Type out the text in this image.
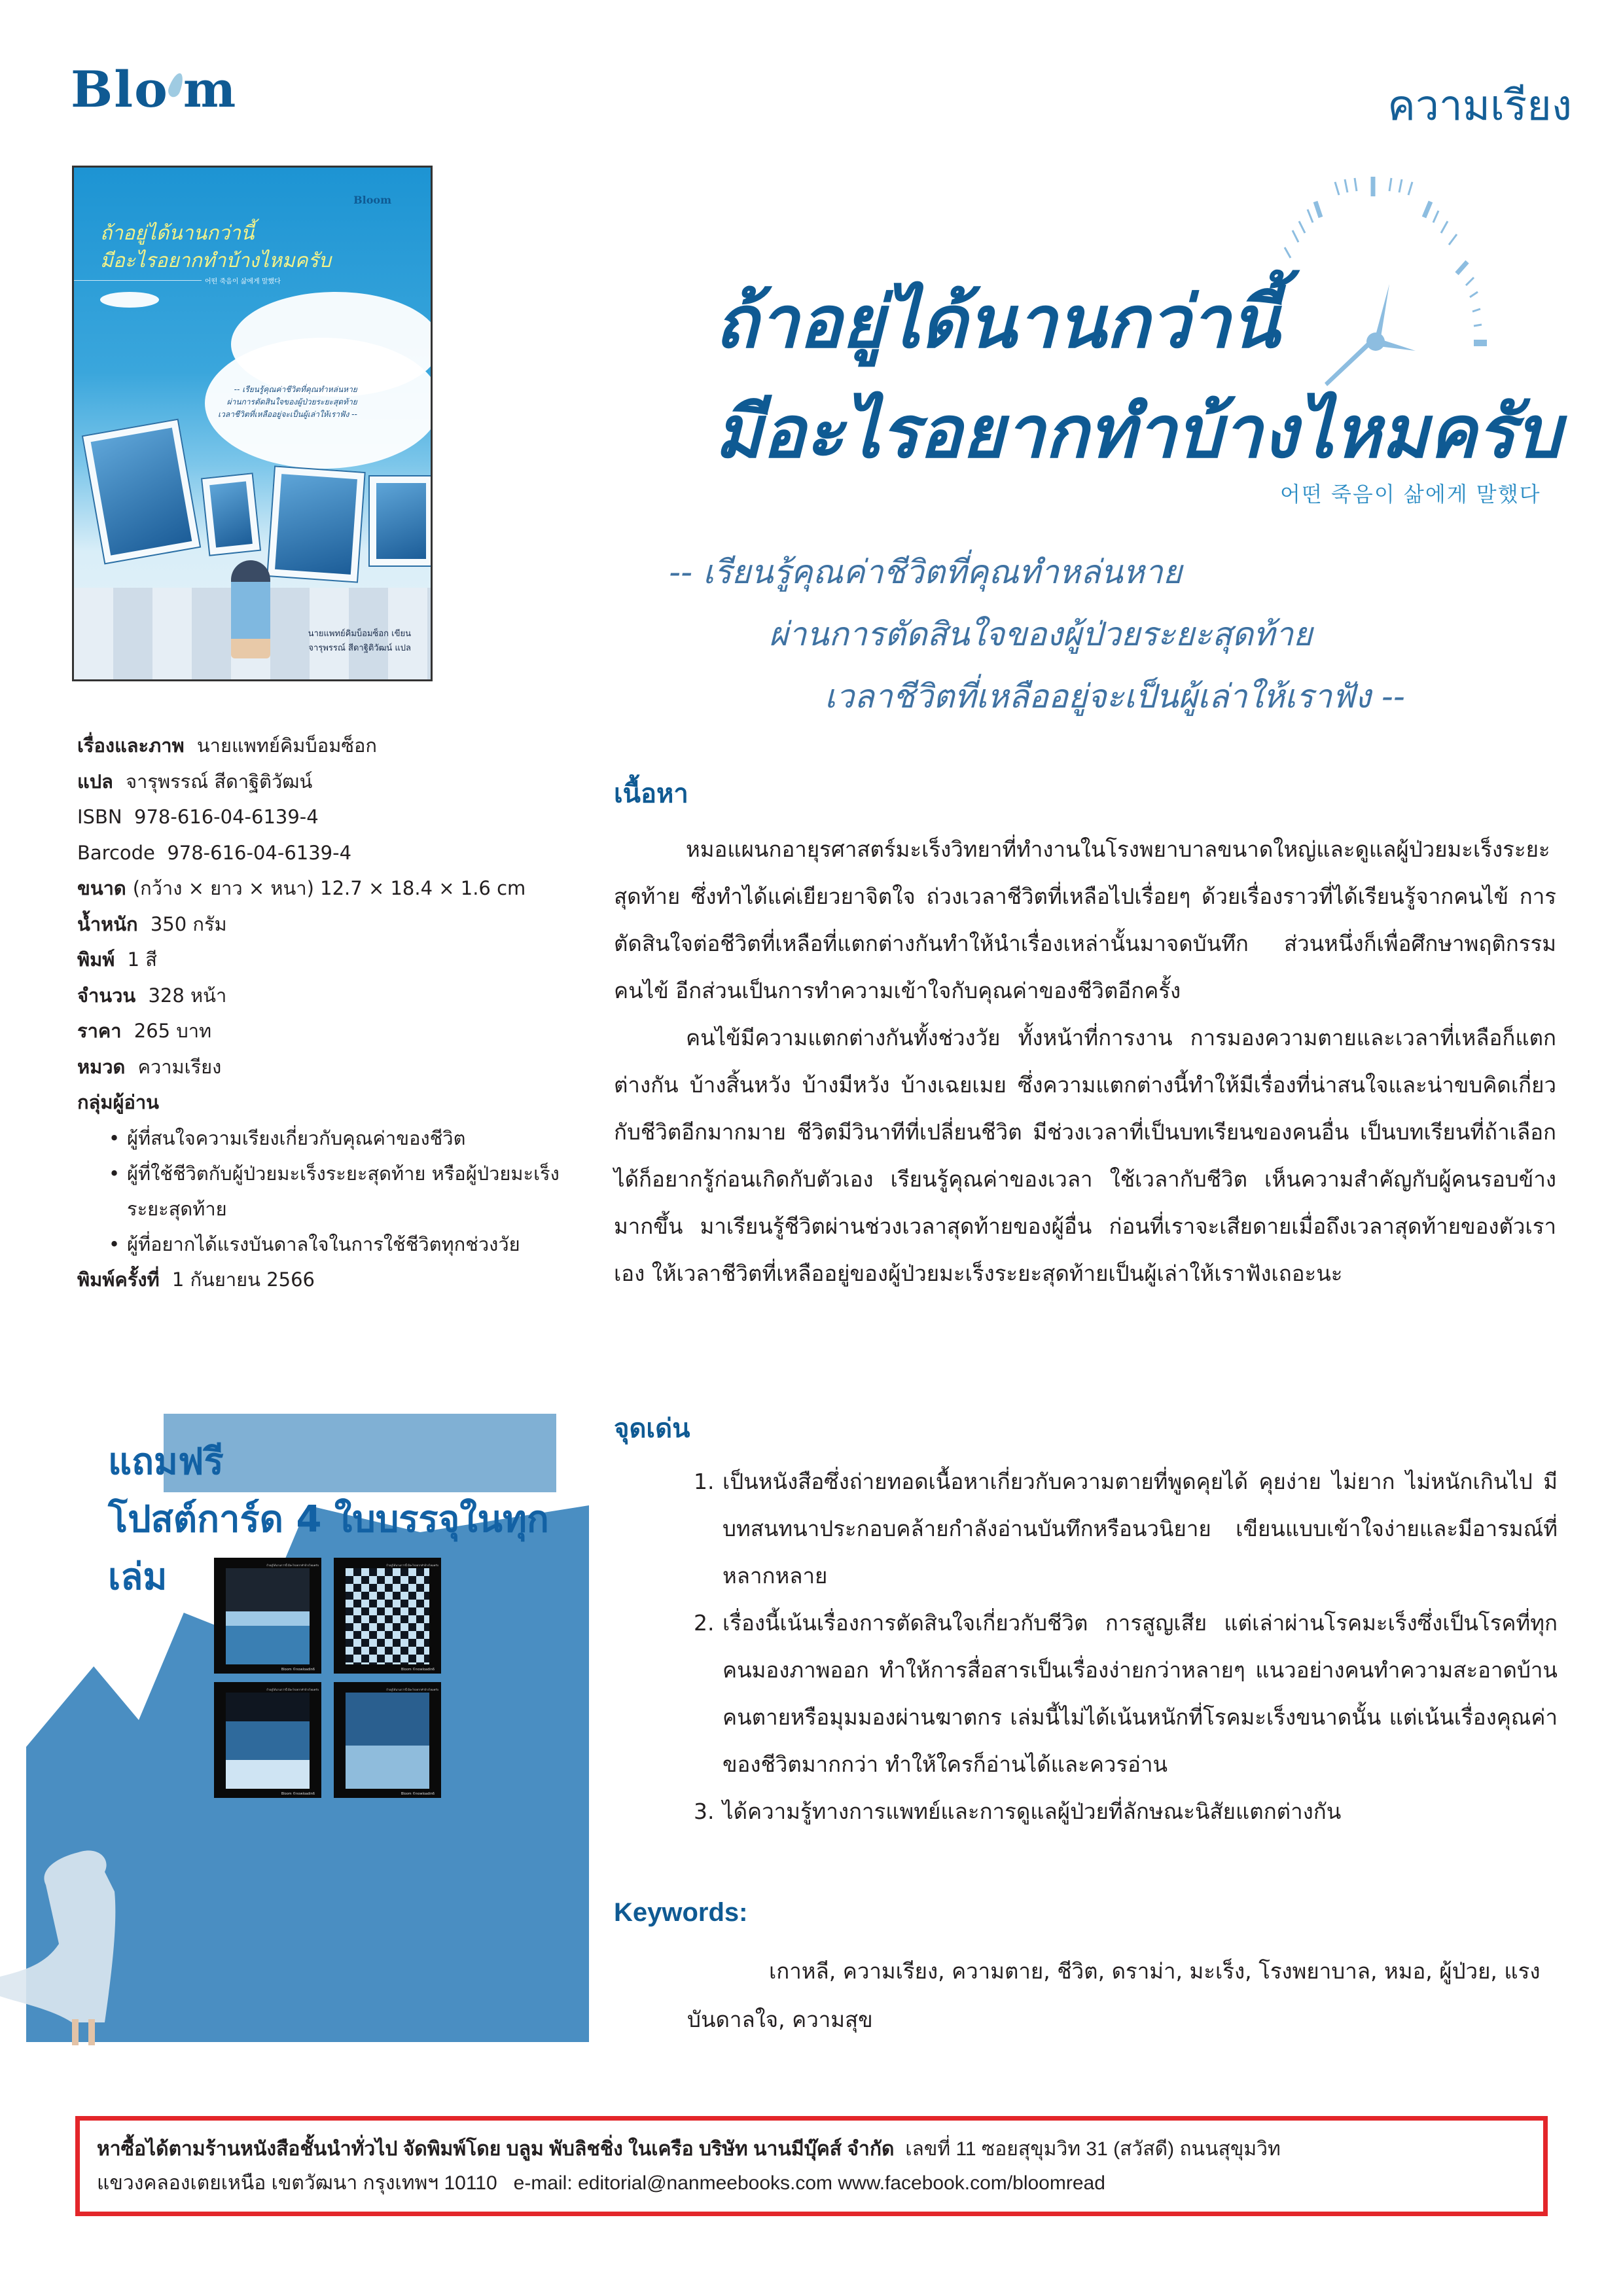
Blo m	ความเรียง
Bloom
ถ้าอยู่ได้นานกว่านี้
มีอะไรอยากทำบ้างไหมครับ
어떤 죽음이 삶에게 말했다
-- เรียนรู้คุณค่าชีวิตที่คุณทำหล่นหาย
ผ่านการตัดสินใจของผู้ป่วยระยะสุดท้าย
เวลาชีวิตที่เหลืออยู่จะเป็นผู้เล่าให้เราฟัง --
นายแพทย์คิมบ็อมซ็อก เขียน
จารุพรรณ์ สีดาฐิติวัฒน์ แปล
ถ้าอยู่ได้นานกว่านี้
มีอะไรอยากทำบ้างไหมครับ
어떤 죽음이 삶에게 말했다
-- เรียนรู้คุณค่าชีวิตที่คุณทำหล่นหาย
ผ่านการตัดสินใจของผู้ป่วยระยะสุดท้าย
เวลาชีวิตที่เหลืออยู่จะเป็นผู้เล่าให้เราฟัง --
เรื่องและภาพ นายแพทย์คิมบ็อมซ็อก
แปล จารุพรรณ์ สีดาฐิติวัฒน์
ISBN 978-616-04-6139-4
Barcode 978-616-04-6139-4
ขนาด (กว้าง × ยาว × หนา) 12.7 × 18.4 × 1.6 cm
น้ำหนัก 350 กรัม
พิมพ์ 1 สี
จำนวน 328 หน้า
ราคา 265 บาท
หมวด ความเรียง
กลุ่มผู้อ่าน
• ผู้ที่สนใจความเรียงเกี่ยวกับคุณค่าของชีวิต
• ผู้ที่ใช้ชีวิตกับผู้ป่วยมะเร็งระยะสุดท้าย หรือผู้ป่วยมะเร็งระยะสุดท้าย
• ผู้ที่อยากได้แรงบันดาลใจในการใช้ชีวิตทุกช่วงวัย
พิมพ์ครั้งที่ 1 กันยายน 2566
เนื้อหา

หมอแผนกอายุรศาสตร์มะเร็งวิทยาที่ทำงานในโรงพยาบาลขนาดใหญ่และดูแลผู้ป่วยมะเร็งระยะสุดท้าย ซึ่งทำได้แค่เยียวยาจิตใจ ถ่วงเวลาชีวิตที่เหลือไปเรื่อยๆ ด้วยเรื่องราวที่ได้เรียนรู้จากคนไข้ การตัดสินใจต่อชีวิตที่เหลือที่แตกต่างกันทำให้นำเรื่องเหล่านั้นมาจดบันทึก ส่วนหนึ่งก็เพื่อศึกษาพฤติกรรมคนไข้ อีกส่วนเป็นการทำความเข้าใจกับคุณค่าของชีวิตอีกครั้ง

คนไข้มีความแตกต่างกันทั้งช่วงวัย ทั้งหน้าที่การงาน การมองความตายและเวลาที่เหลือก็แตกต่างกัน บ้างสิ้นหวัง บ้างมีหวัง บ้างเฉยเมย ซึ่งความแตกต่างนี้ทำให้มีเรื่องที่น่าสนใจและน่าขบคิดเกี่ยวกับชีวิตอีกมากมาย ชีวิตมีวินาทีที่เปลี่ยนชีวิต มีช่วงเวลาที่เป็นบทเรียนของคนอื่น เป็นบทเรียนที่ถ้าเลือกได้ก็อยากรู้ก่อนเกิดกับตัวเอง เรียนรู้คุณค่าของเวลา ใช้เวลากับชีวิต เห็นความสำคัญกับผู้คนรอบข้างมากขึ้น มาเรียนรู้ชีวิตผ่านช่วงเวลาสุดท้ายของผู้อื่น ก่อนที่เราจะเสียดายเมื่อถึงเวลาสุดท้ายของตัวเราเอง ให้เวลาชีวิตที่เหลืออยู่ของผู้ป่วยมะเร็งระยะสุดท้ายเป็นผู้เล่าให้เราฟังเถอะนะ

จุดเด่น
1. เป็นหนังสือซึ่งถ่ายทอดเนื้อหาเกี่ยวกับความตายที่พูดคุยได้ คุยง่าย ไม่ยาก ไม่หนักเกินไป มีบทสนทนาประกอบคล้ายกำลังอ่านบันทึกหรือนวนิยาย เขียนแบบเข้าใจง่ายและมีอารมณ์ที่หลากหลาย
2. เรื่องนี้เน้นเรื่องการตัดสินใจเกี่ยวกับชีวิต การสูญเสีย แต่เล่าผ่านโรคมะเร็งซึ่งเป็นโรคที่ทุกคนมองภาพออก ทำให้การสื่อสารเป็นเรื่องง่ายกว่าหลายๆ แนวอย่างคนทำความสะอาดบ้านคนตายหรือมุมมองผ่านฆาตกร เล่มนี้ไม่ได้เน้นหนักที่โรคมะเร็งขนาดนั้น แต่เน้นเรื่องคุณค่าของชีวิตมากกว่า ทำให้ใครก็อ่านได้และควรอ่าน
3. ได้ความรู้ทางการแพทย์และการดูแลผู้ป่วยที่ลักษณะนิสัยแตกต่างกัน
Keywords:
เกาหลี, ความเรียง, ความตาย, ชีวิต, ดราม่า, มะเร็ง, โรงพยาบาล, หมอ, ผู้ป่วย, แรงบันดาลใจ, ความสุข
แถมฟรี
โปสต์การ์ด 4 ใบบรรจุในทุกเล่ม	ถ้าอยู่ได้นานกว่านี้ มีอะไรอยากทำบ้างไหมครับ
Bloom ©nowloadin6
ถ้าอยู่ได้นานกว่านี้ มีอะไรอยากทำบ้างไหมครับ
Bloom ©nowloadin6
ถ้าอยู่ได้นานกว่านี้ มีอะไรอยากทำบ้างไหมครับ
Bloom ©nowloadin6
ถ้าอยู่ได้นานกว่านี้ มีอะไรอยากทำบ้างไหมครับ
Bloom ©nowloadin6
หาซื้อได้ตามร้านหนังสือชั้นนำทั่วไป จัดพิมพ์โดย บลูม พับลิชชิ่ง ในเครือ บริษัท นานมีบุ๊คส์ จำกัด เลขที่ 11 ซอยสุขุมวิท 31 (สวัสดี) ถนนสุขุมวิท
แขวงคลองเตยเหนือ เขตวัฒนา กรุงเทพฯ 10110 e-mail: editorial@nanmeebooks.com www.facebook.com/bloomread
